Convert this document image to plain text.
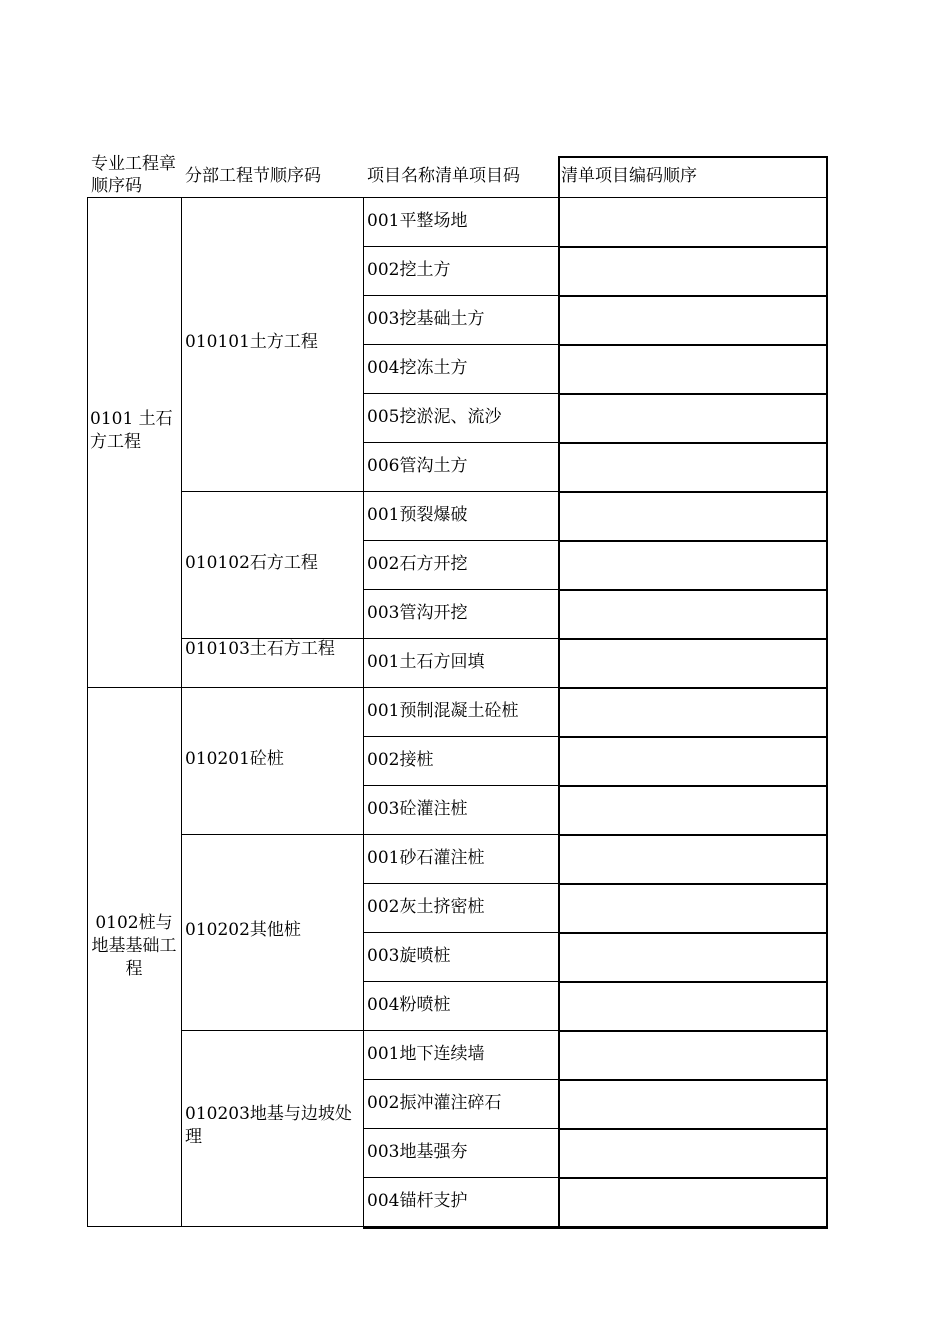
专业工程章顺序码	分部工程节顺序码	项目名称清单项目码 清单项目编码顺序
001平整场地
002挖土方
003挖基础土方
004挖冻土方
005挖淤泥、流沙
006管沟土方
010101土方工程
001预裂爆破
002石方开挖
003管沟开挖
010102石方工程
001土石方回填
010103土石方工程
0101 土石方工程
001预制混凝土砼桩
002接桩
003砼灌注桩
010201砼桩
001砂石灌注桩
002灰土挤密桩
003旋喷桩
004粉喷桩
010202其他桩
001地下连续墙
002振冲灌注碎石
003地基强夯
004锚杆支护
010203地基与边坡处理
0102桩与地基基础工程
